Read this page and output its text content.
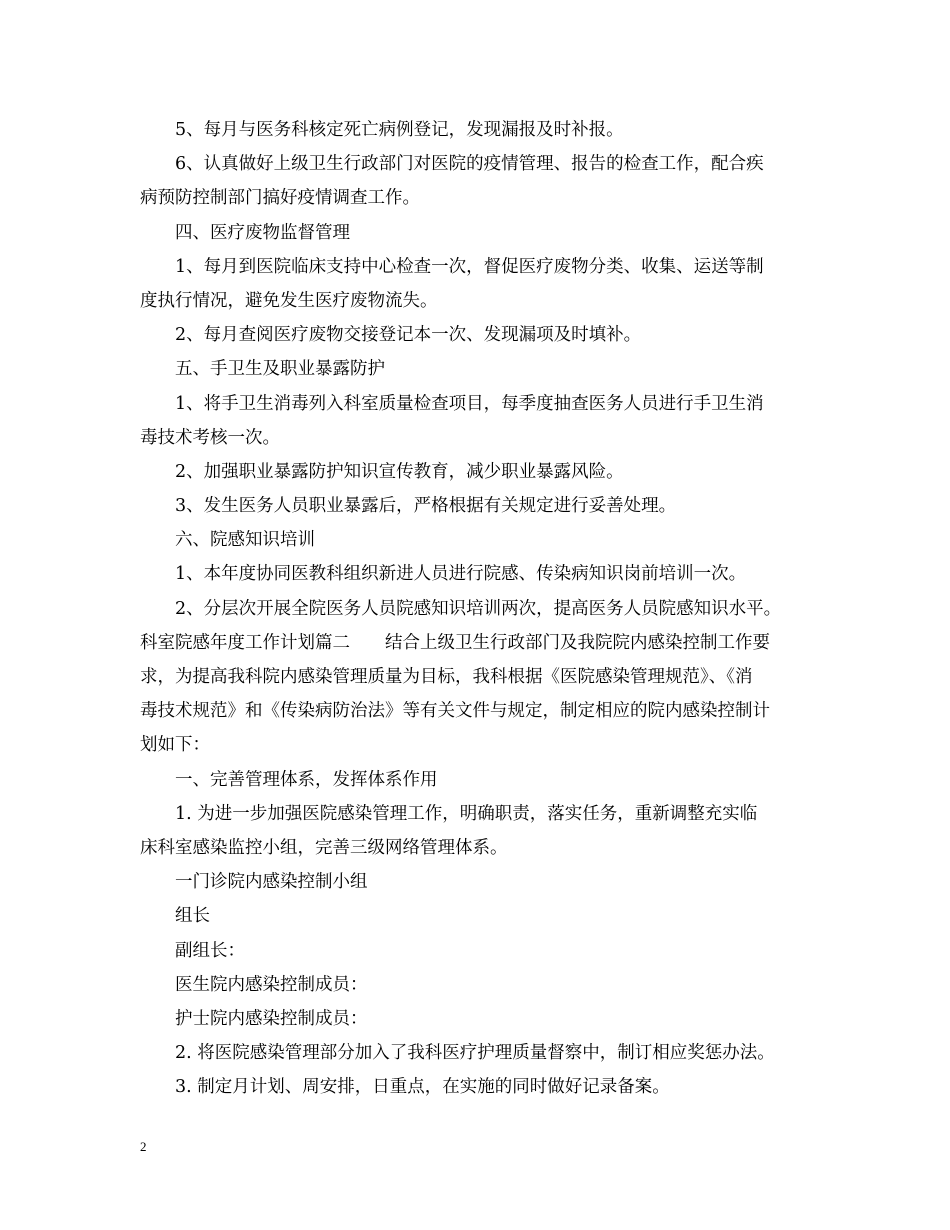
5、每月与医务科核定死亡病例登记，发现漏报及时补报。
6、认真做好上级卫生行政部门对医院的疫情管理、报告的检查工作，配合疾
病预防控制部门搞好疫情调查工作。
四、医疗废物监督管理
1、每月到医院临床支持中心检查一次，督促医疗废物分类、收集、运送等制
度执行情况，避免发生医疗废物流失。
2、每月查阅医疗废物交接登记本一次、发现漏项及时填补。
五、手卫生及职业暴露防护
1、将手卫生消毒列入科室质量检查项目，每季度抽查医务人员进行手卫生消
毒技术考核一次。
2、加强职业暴露防护知识宣传教育，减少职业暴露风险。
3、发生医务人员职业暴露后，严格根据有关规定进行妥善处理。
六、院感知识培训
1、本年度协同医教科组织新进人员进行院感、传染病知识岗前培训一次。
2、分层次开展全院医务人员院感知识培训两次，提高医务人员院感知识水平。
科室院感年度工作计划篇二　　结合上级卫生行政部门及我院院内感染控制工作要
求，为提高我科院内感染管理质量为目标，我科根据《医院感染管理规范》、《消
毒技术规范》和《传染病防治法》等有关文件与规定，制定相应的院内感染控制计
划如下：
一、完善管理体系，发挥体系作用
1. 为进一步加强医院感染管理工作，明确职责，落实任务，重新调整充实临
床科室感染监控小组，完善三级网络管理体系。
一门诊院内感染控制小组
组长
副组长：
医生院内感染控制成员：
护士院内感染控制成员：
2. 将医院感染管理部分加入了我科医疗护理质量督察中，制订相应奖惩办法。
3. 制定月计划、周安排，日重点，在实施的同时做好记录备案。
2
